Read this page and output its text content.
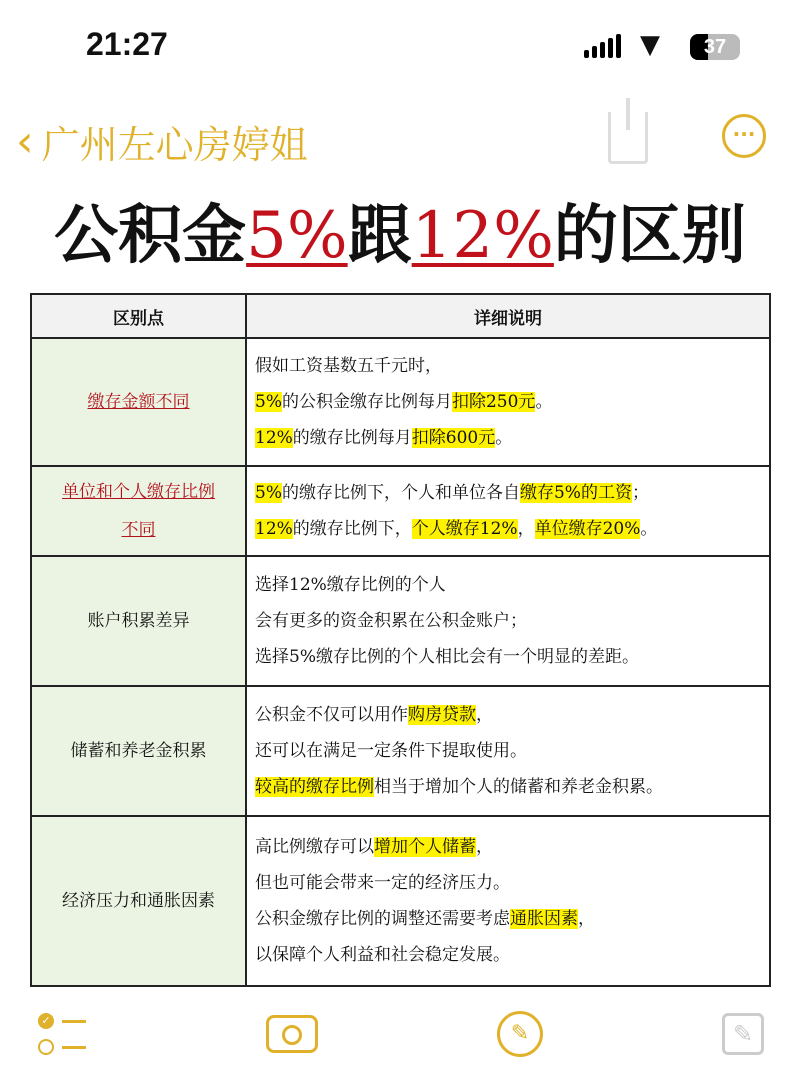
21:27	▼	37
‹ 广州左心房婷姐	···
公积金5%跟12%的区别
区别点	详细说明
缴存金额不同	假如工资基数五千元时，
5%的公积金缴存比例每月扣除250元。
12%的缴存比例每月扣除600元。

单位和个人缴存比例不同	5%的缴存比例下，个人和单位各自缴存5%的工资；
12%的缴存比例下，个人缴存12%，单位缴存20%。

账户积累差异	选择12%缴存比例的个人
会有更多的资金积累在公积金账户；
选择5%缴存比例的个人相比会有一个明显的差距。

储蓄和养老金积累	公积金不仅可以用作购房贷款，
还可以在满足一定条件下提取使用。
较高的缴存比例相当于增加个人的储蓄和养老金积累。

经济压力和通胀因素	高比例缴存可以增加个人储蓄，
但也可能会带来一定的经济压力。
公积金缴存比例的调整还需要考虑通胀因素，
以保障个人利益和社会稳定发展。
✓
✎	✎
